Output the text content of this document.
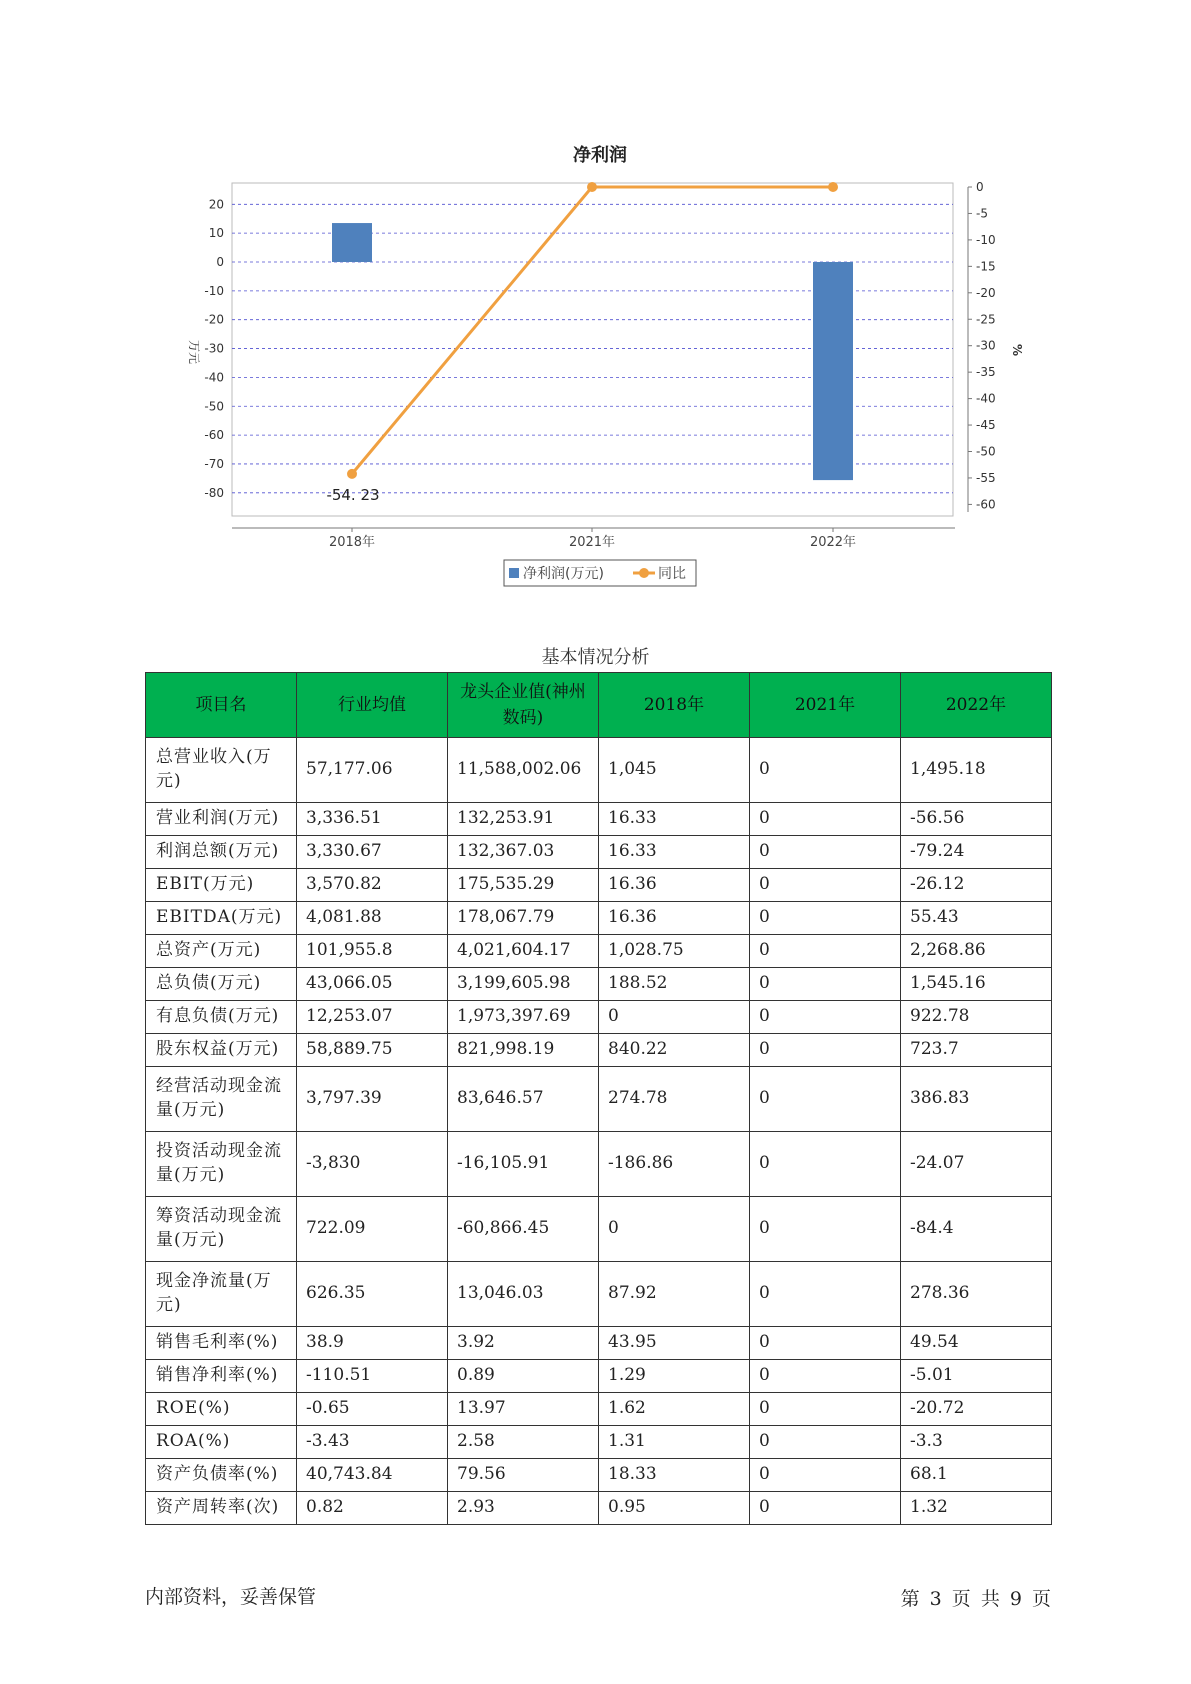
20
10
0
-10
-20
-30
-40
-50
-60
-70
-80
0
-5
-10
-15
-20
-25
-30
-35
-40
-45
-50
-55
-60
2018年	2021年	2022年
-54. 23
净利润
万元	%
净利润(万元)	同比
基本情况分析
项目名	行业均值	龙头企业值(神州数码)	2018年	2021年	2022年
总营业收入(万元)	57,177.06	11,588,002.06	1,045	0	1,495.18
营业利润(万元)	3,336.51	132,253.91	16.33	0	-56.56
利润总额(万元)	3,330.67	132,367.03	16.33	0	-79.24
EBIT(万元)	3,570.82	175,535.29	16.36	0	-26.12
EBITDA(万元)	4,081.88	178,067.79	16.36	0	55.43
总资产(万元)	101,955.8	4,021,604.17	1,028.75	0	2,268.86
总负债(万元)	43,066.05	3,199,605.98	188.52	0	1,545.16
有息负债(万元)	12,253.07	1,973,397.69	0	0	922.78
股东权益(万元)	58,889.75	821,998.19	840.22	0	723.7
经营活动现金流量(万元)	3,797.39	83,646.57	274.78	0	386.83
投资活动现金流量(万元)	-3,830	-16,105.91	-186.86	0	-24.07
筹资活动现金流量(万元)	722.09	-60,866.45	0	0	-84.4
现金净流量(万元)	626.35	13,046.03	87.92	0	278.36
销售毛利率(%)	38.9	3.92	43.95	0	49.54
销售净利率(%)	-110.51	0.89	1.29	0	-5.01
ROE(%)	-0.65	13.97	1.62	0	-20.72
ROA(%)	-3.43	2.58	1.31	0	-3.3
资产负债率(%)	40,743.84	79.56	18.33	0	68.1
资产周转率(次)	0.82	2.93	0.95	0	1.32
内部资料，妥善保管	第 3 页 共 9 页
